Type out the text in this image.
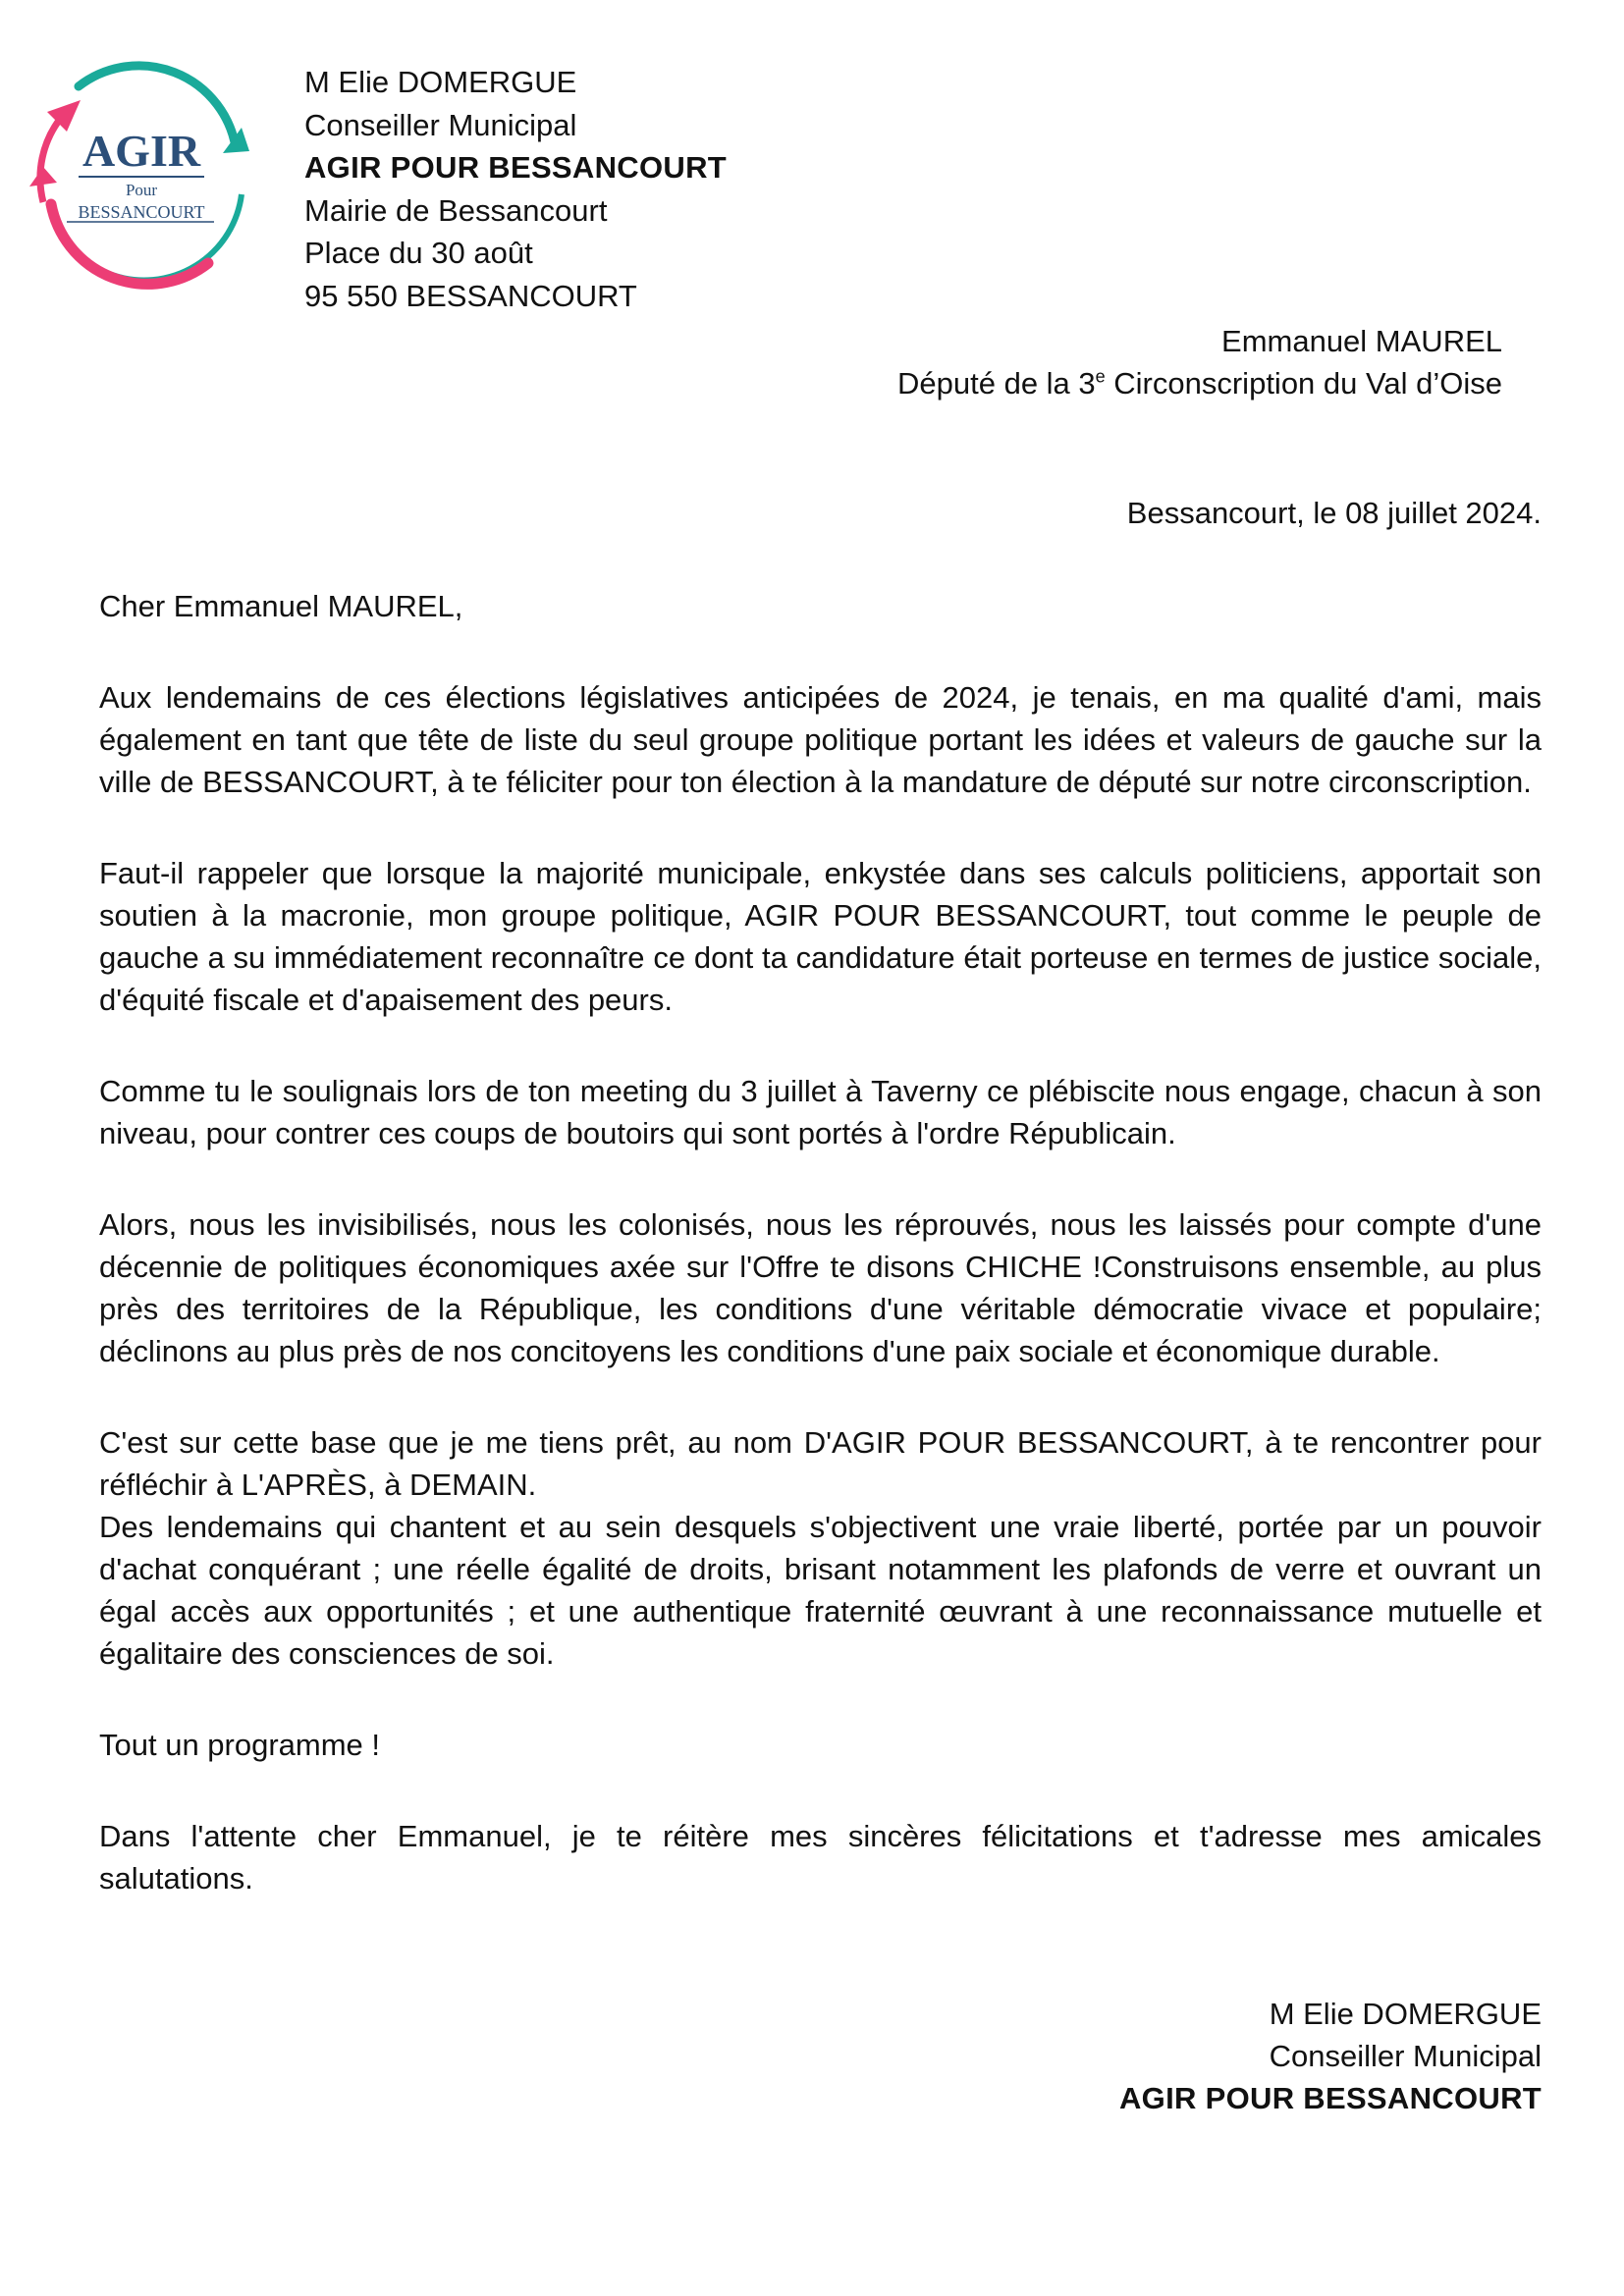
AGIR
Pour
BESSANCOURT
M Elie DOMERGUE
Conseiller Municipal
AGIR POUR BESSANCOURT
Mairie de Bessancourt
Place du 30 août
95 550 BESSANCOURT
Emmanuel MAUREL
Député de la 3e Circonscription du Val d’Oise
Bessancourt, le 08 juillet 2024.

Cher Emmanuel MAUREL,

Aux lendemains de ces élections législatives anticipées de 2024, je tenais, en ma qualité d'ami, mais également en tant que tête de liste du seul groupe politique portant les idées et valeurs de gauche sur la ville de BESSANCOURT, à te féliciter pour ton élection à la mandature de député sur notre circonscription.

Faut-il rappeler que lorsque la majorité municipale, enkystée dans ses calculs politiciens, apportait son soutien à la macronie, mon groupe politique, AGIR POUR BESSANCOURT, tout comme le peuple de gauche a su immédiatement reconnaître ce dont ta candidature était porteuse en termes de justice sociale, d'équité fiscale et d'apaisement des peurs.

Comme tu le soulignais lors de ton meeting du 3 juillet à Taverny ce plébiscite nous engage, chacun à son niveau, pour contrer ces coups de boutoirs qui sont portés à l'ordre Républicain.

Alors, nous les invisibilisés, nous les colonisés, nous les réprouvés, nous les laissés pour compte d'une décennie de politiques économiques axée sur l'Offre te disons CHICHE !Construisons ensemble, au plus près des territoires de la République, les conditions d'une véritable démocratie vivace et populaire; déclinons au plus près de nos concitoyens les conditions d'une paix sociale et économique durable.

C'est sur cette base que je me tiens prêt, au nom D'AGIR POUR BESSANCOURT, à te rencontrer pour réfléchir à L'APRÈS, à DEMAIN.

Des lendemains qui chantent et au sein desquels s'objectivent une vraie liberté, portée par un pouvoir d'achat conquérant ; une réelle égalité de droits, brisant notamment les plafonds de verre et ouvrant un égal accès aux opportunités ; et une authentique fraternité œuvrant à une reconnaissance mutuelle et égalitaire des consciences de soi.

Tout un programme !

Dans l'attente cher Emmanuel, je te réitère mes sincères félicitations et t'adresse mes amicales salutations.

M Elie DOMERGUE
Conseiller Municipal
AGIR POUR BESSANCOURT
